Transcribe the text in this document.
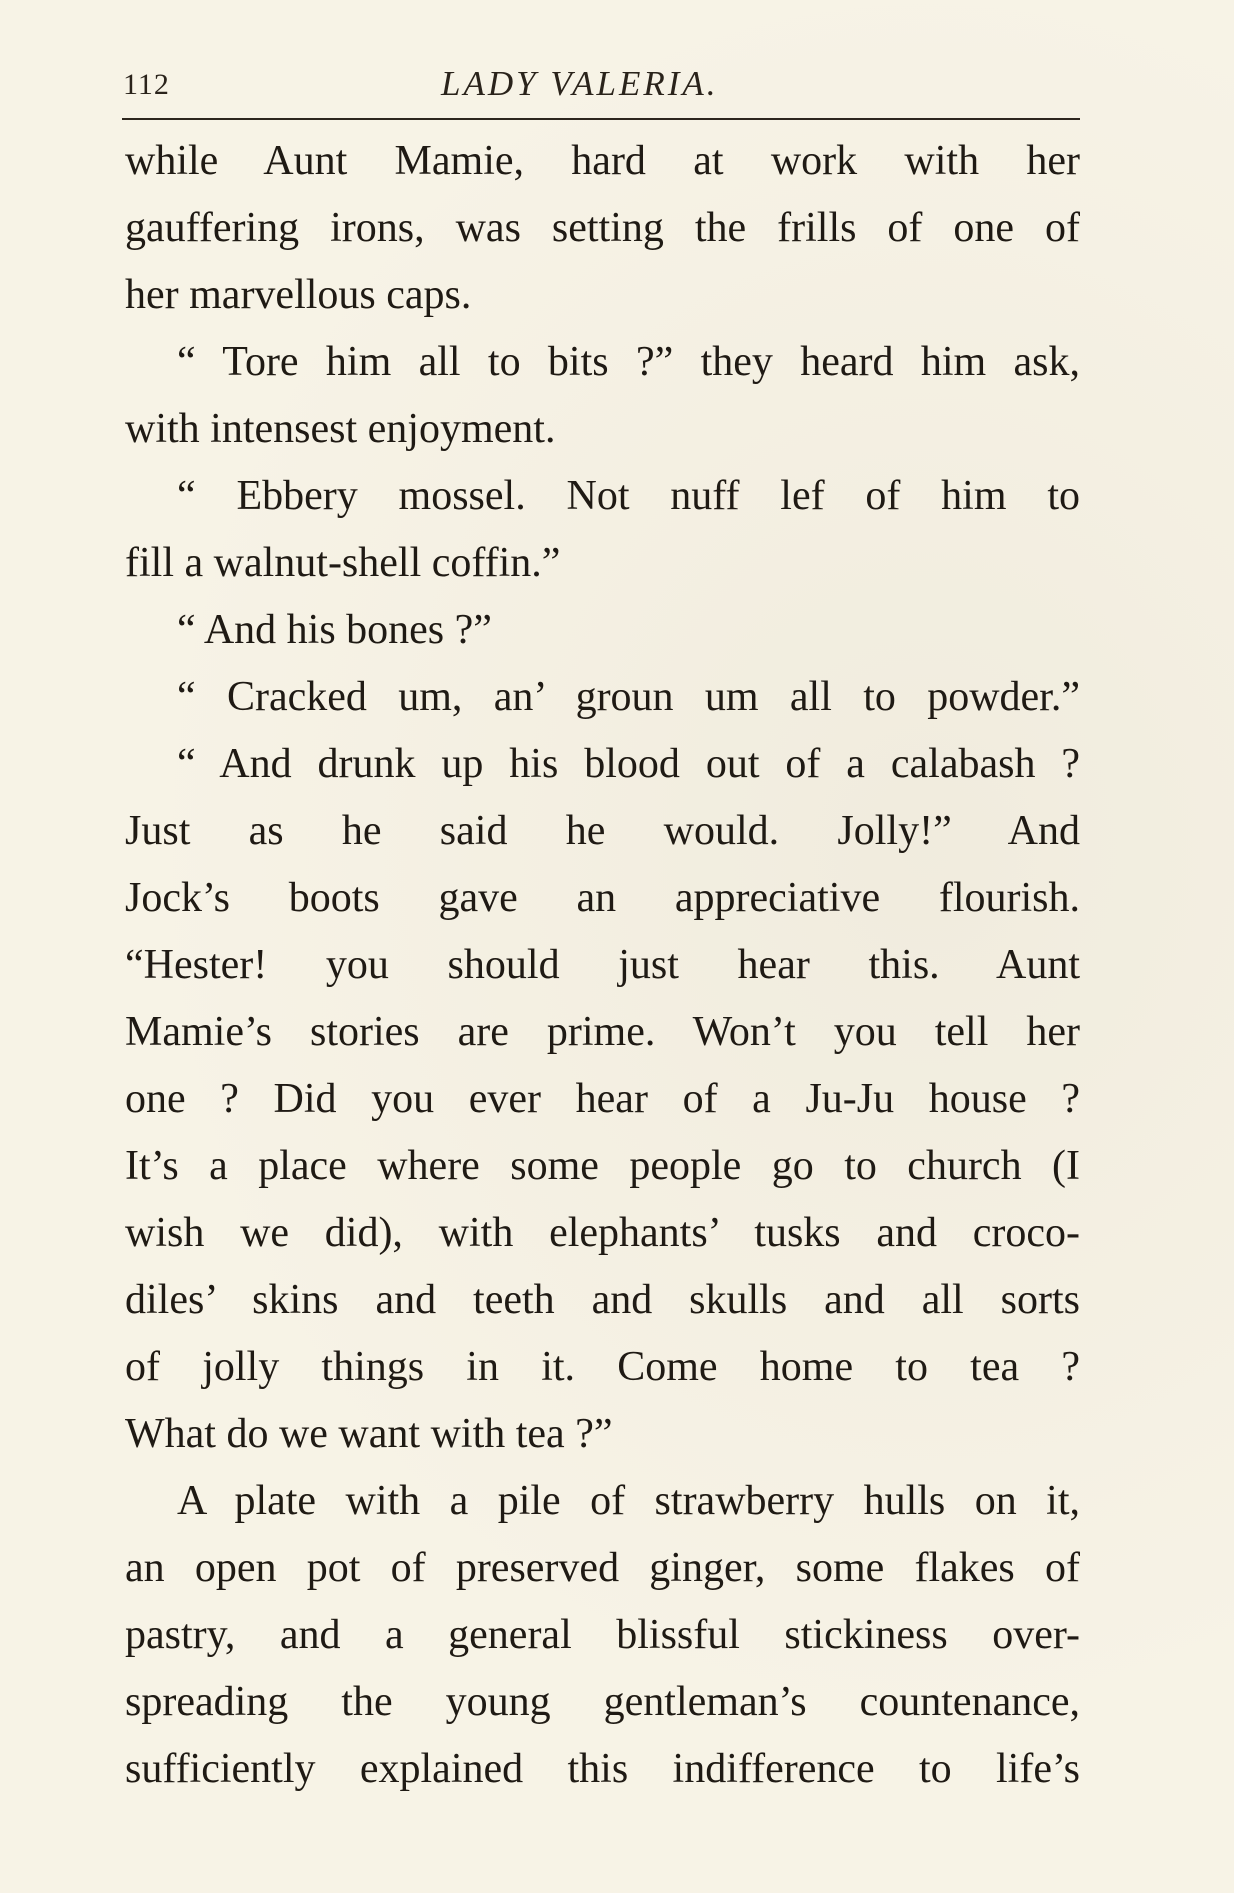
112	LADY VALERIA.
while Aunt Mamie, hard at work with her
gauffering irons, was setting the frills of one of
her marvellous caps.
“ Tore him all to bits ?” they heard him ask,
with intensest enjoyment.
“ Ebbery mossel. Not nuff lef of him to
fill a walnut-shell coffin.”
“ And his bones ?”
“ Cracked um, an’ groun um all to powder.”
“ And drunk up his blood out of a calabash ?
Just as he said he would. Jolly!” And
Jock’s boots gave an appreciative flourish.
“Hester! you should just hear this. Aunt
Mamie’s stories are prime. Won’t you tell her
one ? Did you ever hear of a Ju-Ju house ?
It’s a place where some people go to church (I
wish we did), with elephants’ tusks and croco-
diles’ skins and teeth and skulls and all sorts
of jolly things in it. Come home to tea ?
What do we want with tea ?”
A plate with a pile of strawberry hulls on it,
an open pot of preserved ginger, some flakes of
pastry, and a general blissful stickiness over-
spreading the young gentleman’s countenance,
sufficiently explained this indifference to life’s
